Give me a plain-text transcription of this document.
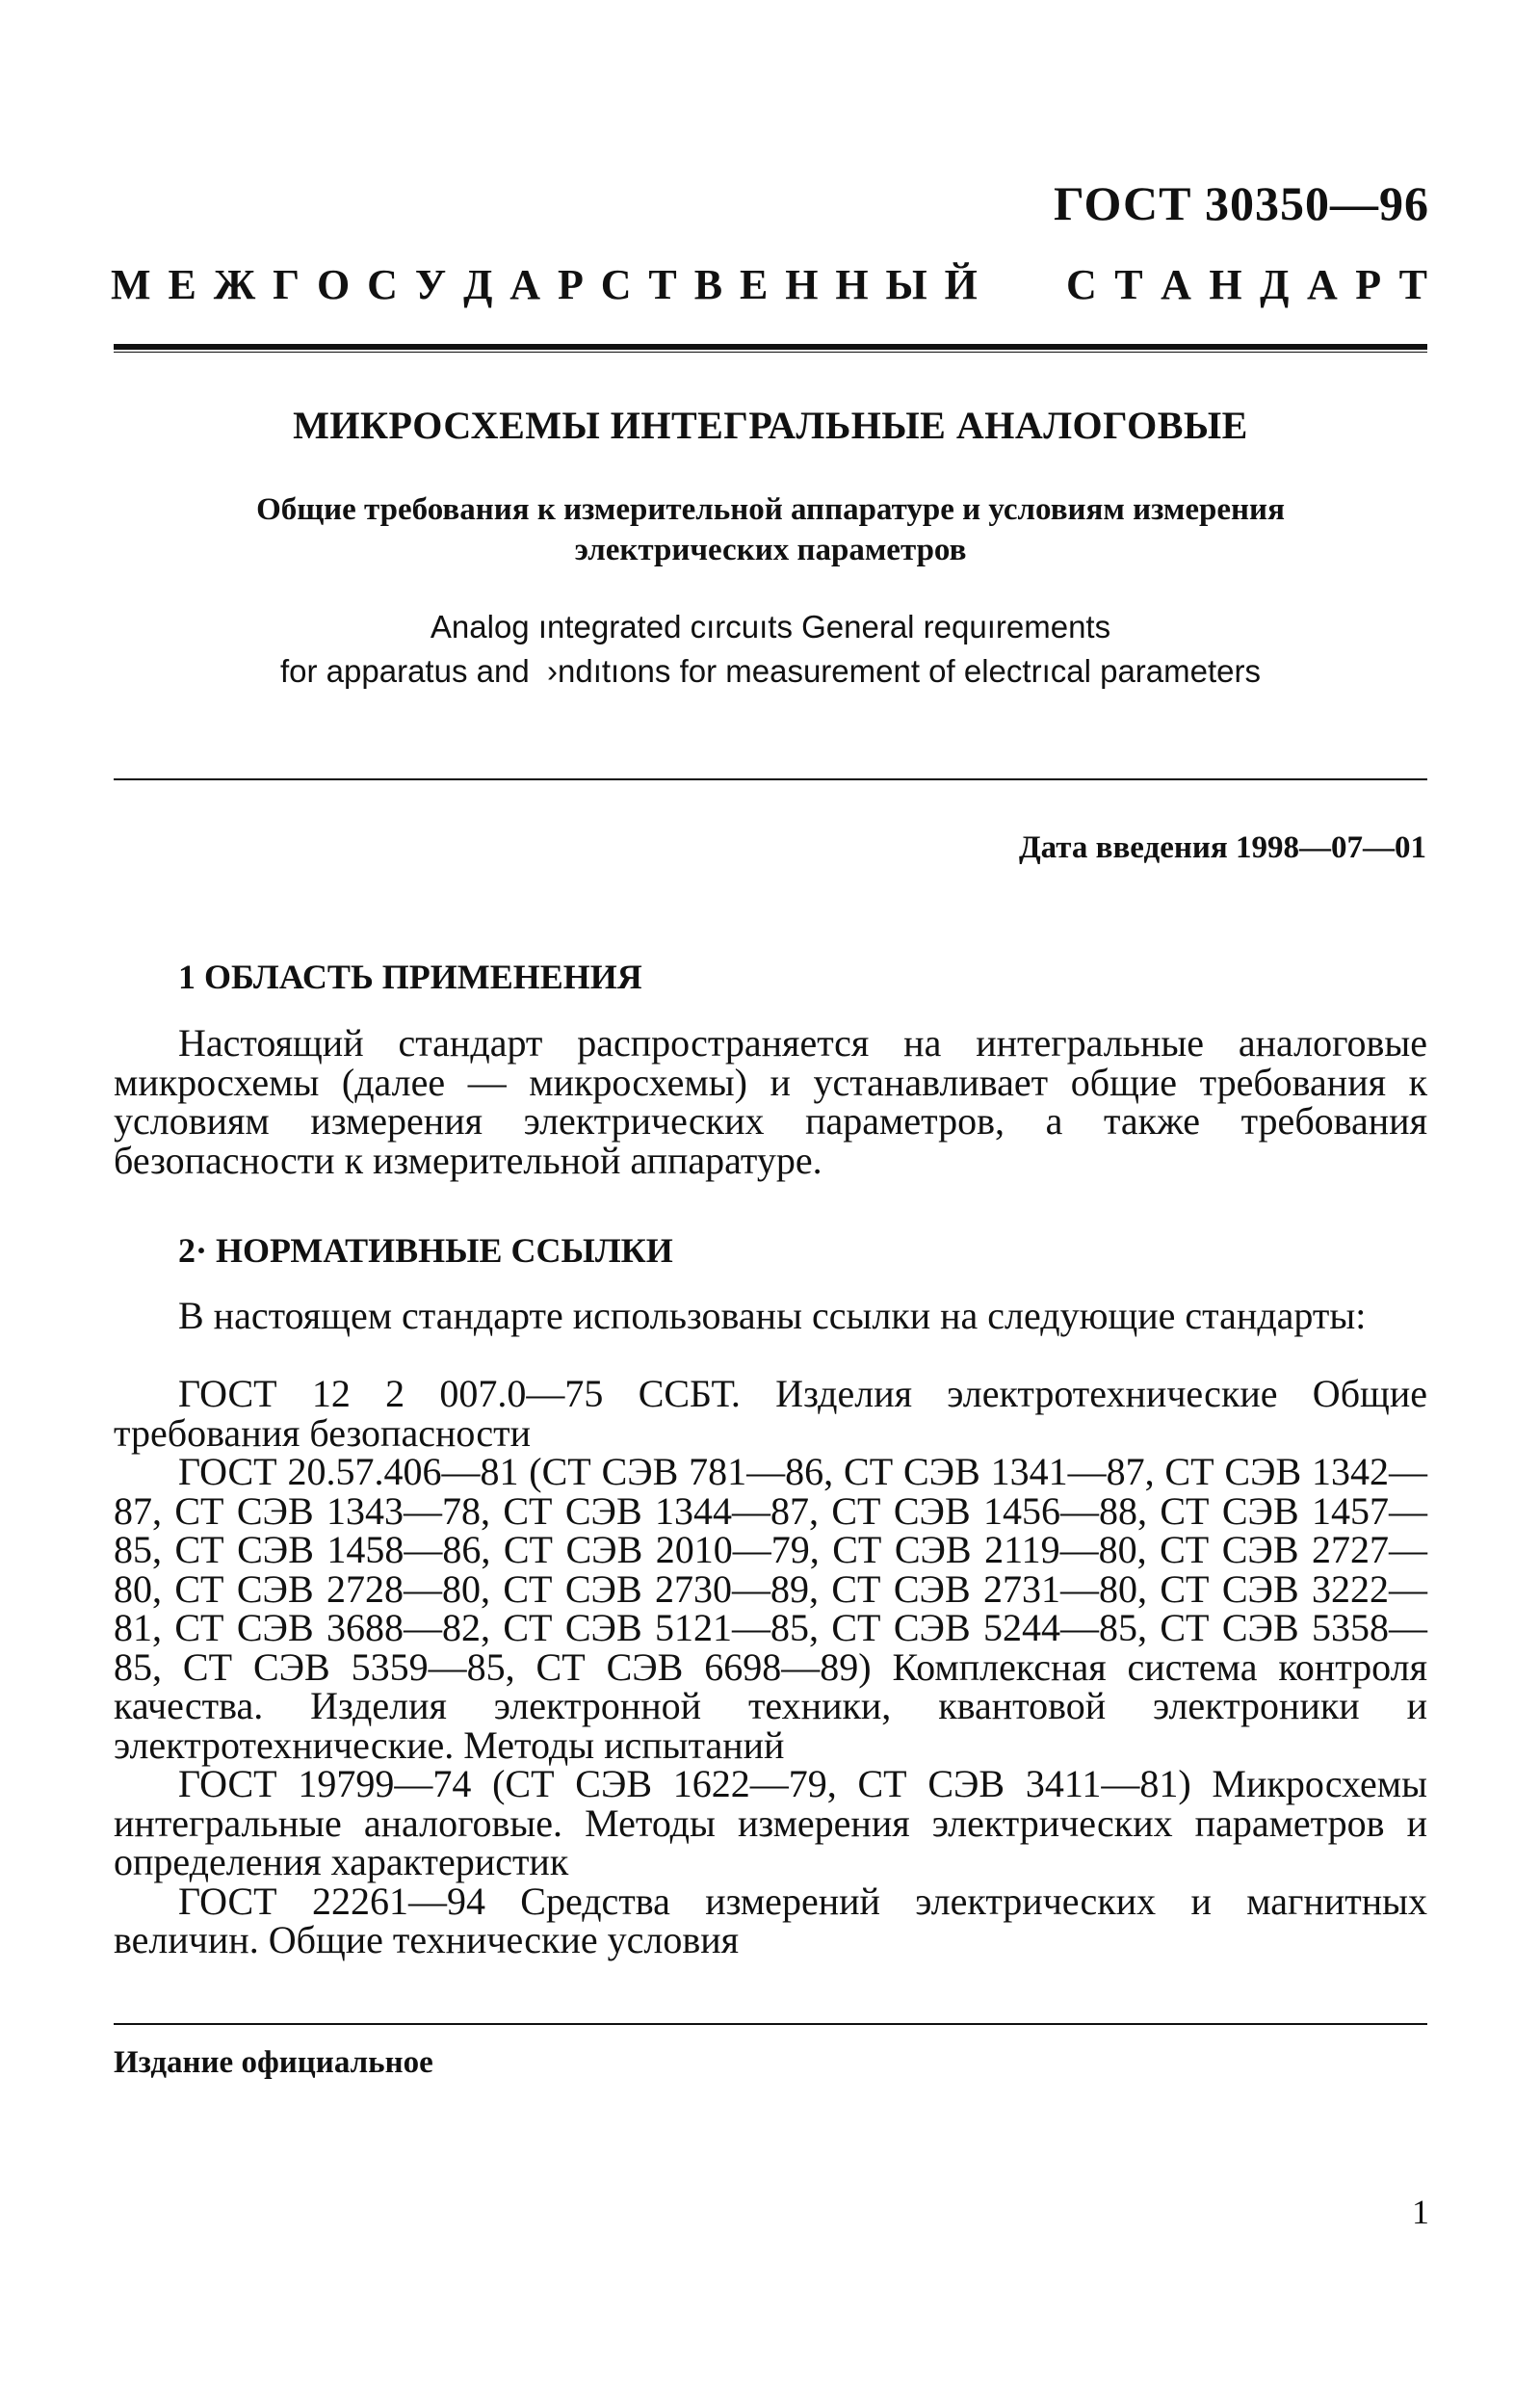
ГОСТ 30350—96
М Е Ж Г О С У Д А Р С Т В Е Н Н Ы Й С Т А Н Д А Р Т
МИКРОСХЕМЫ ИНТЕГРАЛЬНЫЕ АНАЛОГОВЫЕ
Общие требования к измерительной аппаратуре и условиям измерения
электрических параметров
Analog ıntegrated cırcuıts General requırements
for apparatus and  ›ndıtıons for measurement of electrıcal parameters
Дата введения 1998—07—01
1 ОБЛАСТЬ ПРИМЕНЕНИЯ

Настоящий стандарт распространяется на интегральные аналоговые микросхемы (далее — микросхемы) и устанавливает общие требования к условиям измерения электрических параметров, а также требования безопасности к измерительной аппаратуре.

2· НОРМАТИВНЫЕ ССЫЛКИ

В настоящем стандарте использованы ссылки на следующие стандарты:

ГОСТ 12 2 007.0—75 ССБТ. Изделия электротехнические Общие требования безопасности

ГОСТ 20.57.406—81 (СТ СЭВ 781—86, СТ СЭВ 1341—87, СТ СЭВ 1342—87, СТ СЭВ 1343—78, СТ СЭВ 1344—87, СТ СЭВ 1456—88, СТ СЭВ 1457—85, СТ СЭВ 1458—86, СТ СЭВ 2010—79, СТ СЭВ 2119—80, СТ СЭВ 2727—80, СТ СЭВ 2728—80, СТ СЭВ 2730—89, СТ СЭВ 2731—80, СТ СЭВ 3222—81, СТ СЭВ 3688—82, СТ СЭВ 5121—85, СТ СЭВ 5244—85, СТ СЭВ 5358—85, СТ СЭВ 5359—85, СТ СЭВ 6698—89) Комплексная система контроля качества. Изделия электронной техники, квантовой электроники и электротехнические. Методы испытаний

ГОСТ 19799—74 (СТ СЭВ 1622—79, СТ СЭВ 3411—81) Микросхемы интегральные аналоговые. Методы измерения электрических параметров и определения характеристик

ГОСТ 22261—94 Средства измерений электрических и магнитных величин. Общие технические условия

Издание официальное
1
